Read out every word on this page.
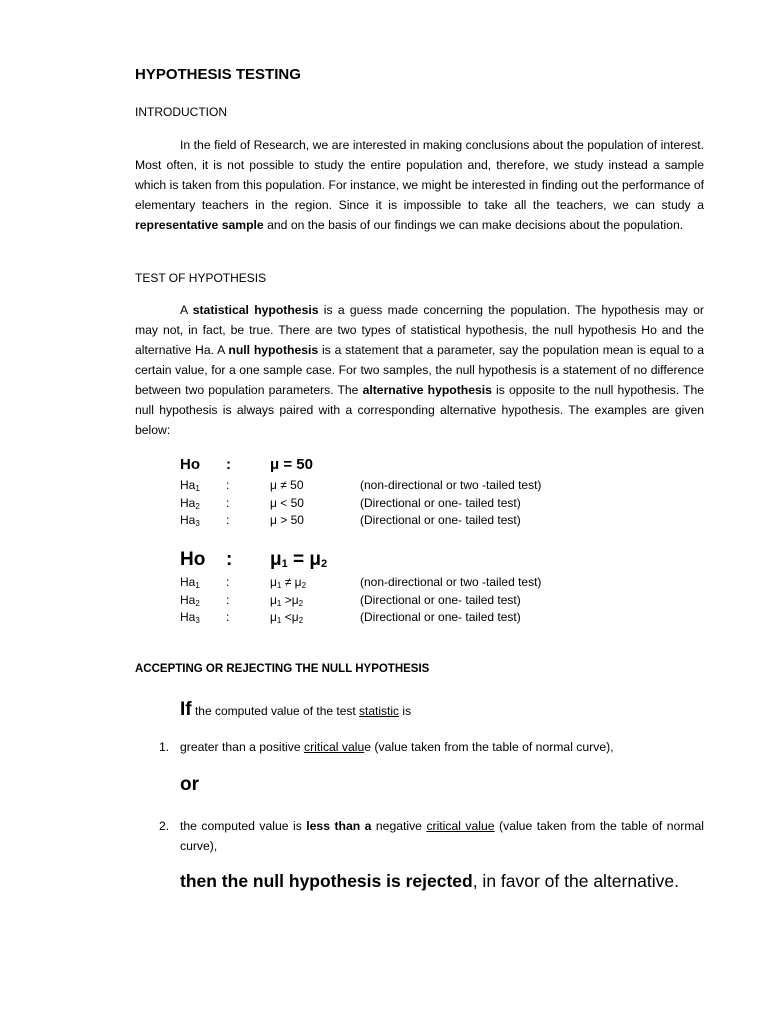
HYPOTHESIS TESTING
INTRODUCTION
In the field of Research, we are interested in making conclusions about the population of interest. Most often, it is not possible to study the entire population and, therefore, we study instead a sample which is taken from this population. For instance, we might be interested in finding out the performance of elementary teachers in the region. Since it is impossible to take all the teachers, we can study a representative sample and on the basis of our findings we can make decisions about the population.
TEST OF HYPOTHESIS
A statistical hypothesis is a guess made concerning the population. The hypothesis may or may not, in fact, be true. There are two types of statistical hypothesis, the null hypothesis Ho and the alternative Ha. A null hypothesis is a statement that a parameter, say the population mean is equal to a certain value, for a one sample case. For two samples, the null hypothesis is a statement of no difference between two population parameters. The alternative hypothesis is opposite to the null hypothesis. The null hypothesis is always paired with a corresponding alternative hypothesis. The examples are given below:
Ho :	μ = 50
$Ha_1$ :	μ ≠ 50	(non-directional or two -tailed test)
$Ha_2$ :	μ < 50	(Directional or one- tailed test)
$Ha_3$ :	μ > 50	(Directional or one- tailed test)
Ho : $\mu_1 = \mu_2$
$Ha_1$ :	$\mu_1 \ne \mu_2$	(non-directional or two -tailed test)
$Ha_2$ :	$\mu_1 >\mu_2$	(Directional or one- tailed test)
$Ha_3$ :	$\mu_1 <\mu_2$	(Directional or one- tailed test)
ACCEPTING OR REJECTING THE NULL HYPOTHESIS
If the computed value of the test statistic is
1. greater than a positive critical value (value taken from the table of normal curve),
or
2. the computed value is less than a negative critical value (value taken from the table of normal curve),
then the null hypothesis is rejected, in favor of the alternative.
